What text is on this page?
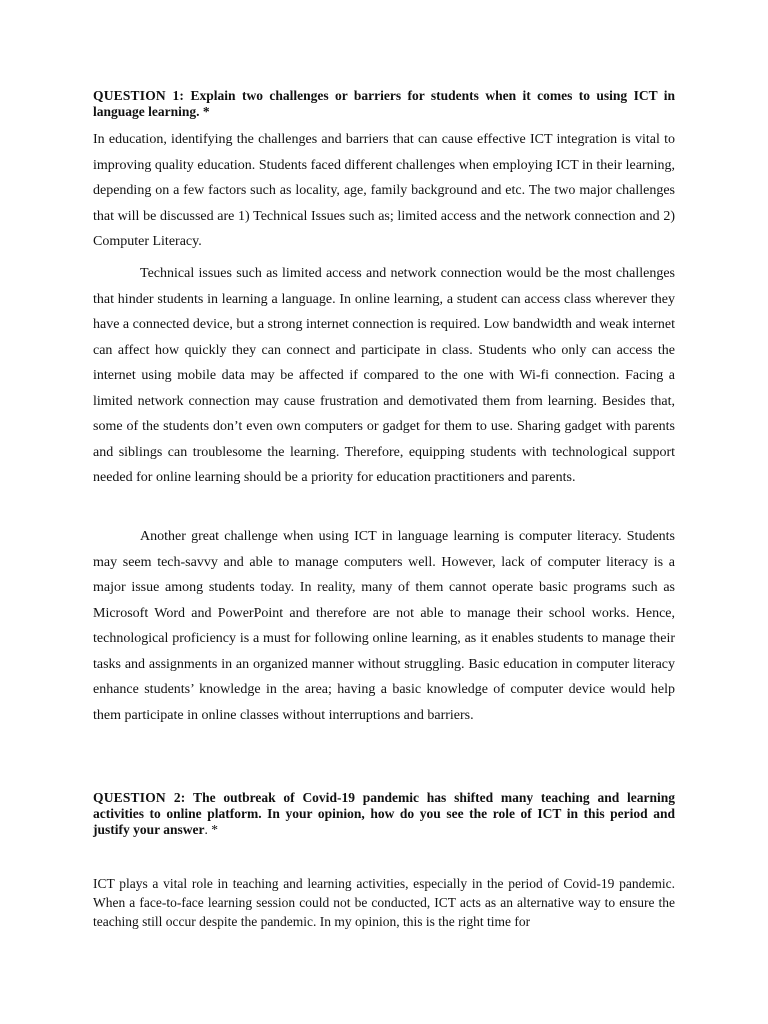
QUESTION 1: Explain two challenges or barriers for students when it comes to using ICT in language learning. *

In education, identifying the challenges and barriers that can cause effective ICT integration is vital to improving quality education. Students faced different challenges when employing ICT in their learning, depending on a few factors such as locality, age, family background and etc. The two major challenges that will be discussed are 1) Technical Issues such as; limited access and the network connection and 2) Computer Literacy.

Technical issues such as limited access and network connection would be the most challenges that hinder students in learning a language. In online learning, a student can access class wherever they have a connected device, but a strong internet connection is required. Low bandwidth and weak internet can affect how quickly they can connect and participate in class. Students who only can access the internet using mobile data may be affected if compared to the one with Wi-fi connection. Facing a limited network connection may cause frustration and demotivated them from learning. Besides that, some of the students don’t even own computers or gadget for them to use. Sharing gadget with parents and siblings can troublesome the learning. Therefore, equipping students with technological support needed for online learning should be a priority for education practitioners and parents.

Another great challenge when using ICT in language learning is computer literacy. Students may seem tech-savvy and able to manage computers well. However, lack of computer literacy is a major issue among students today. In reality, many of them cannot operate basic programs such as Microsoft Word and PowerPoint and therefore are not able to manage their school works. Hence, technological proficiency is a must for following online learning, as it enables students to manage their tasks and assignments in an organized manner without struggling. Basic education in computer literacy enhance students’ knowledge in the area; having a basic knowledge of computer device would help them participate in online classes without interruptions and barriers.

QUESTION 2: The outbreak of Covid-19 pandemic has shifted many teaching and learning activities to online platform. In your opinion, how do you see the role of ICT in this period and justify your answer. *

ICT plays a vital role in teaching and learning activities, especially in the period of Covid-19 pandemic. When a face-to-face learning session could not be conducted, ICT acts as an alternative way to ensure the teaching still occur despite the pandemic. In my opinion, this is the right time for
